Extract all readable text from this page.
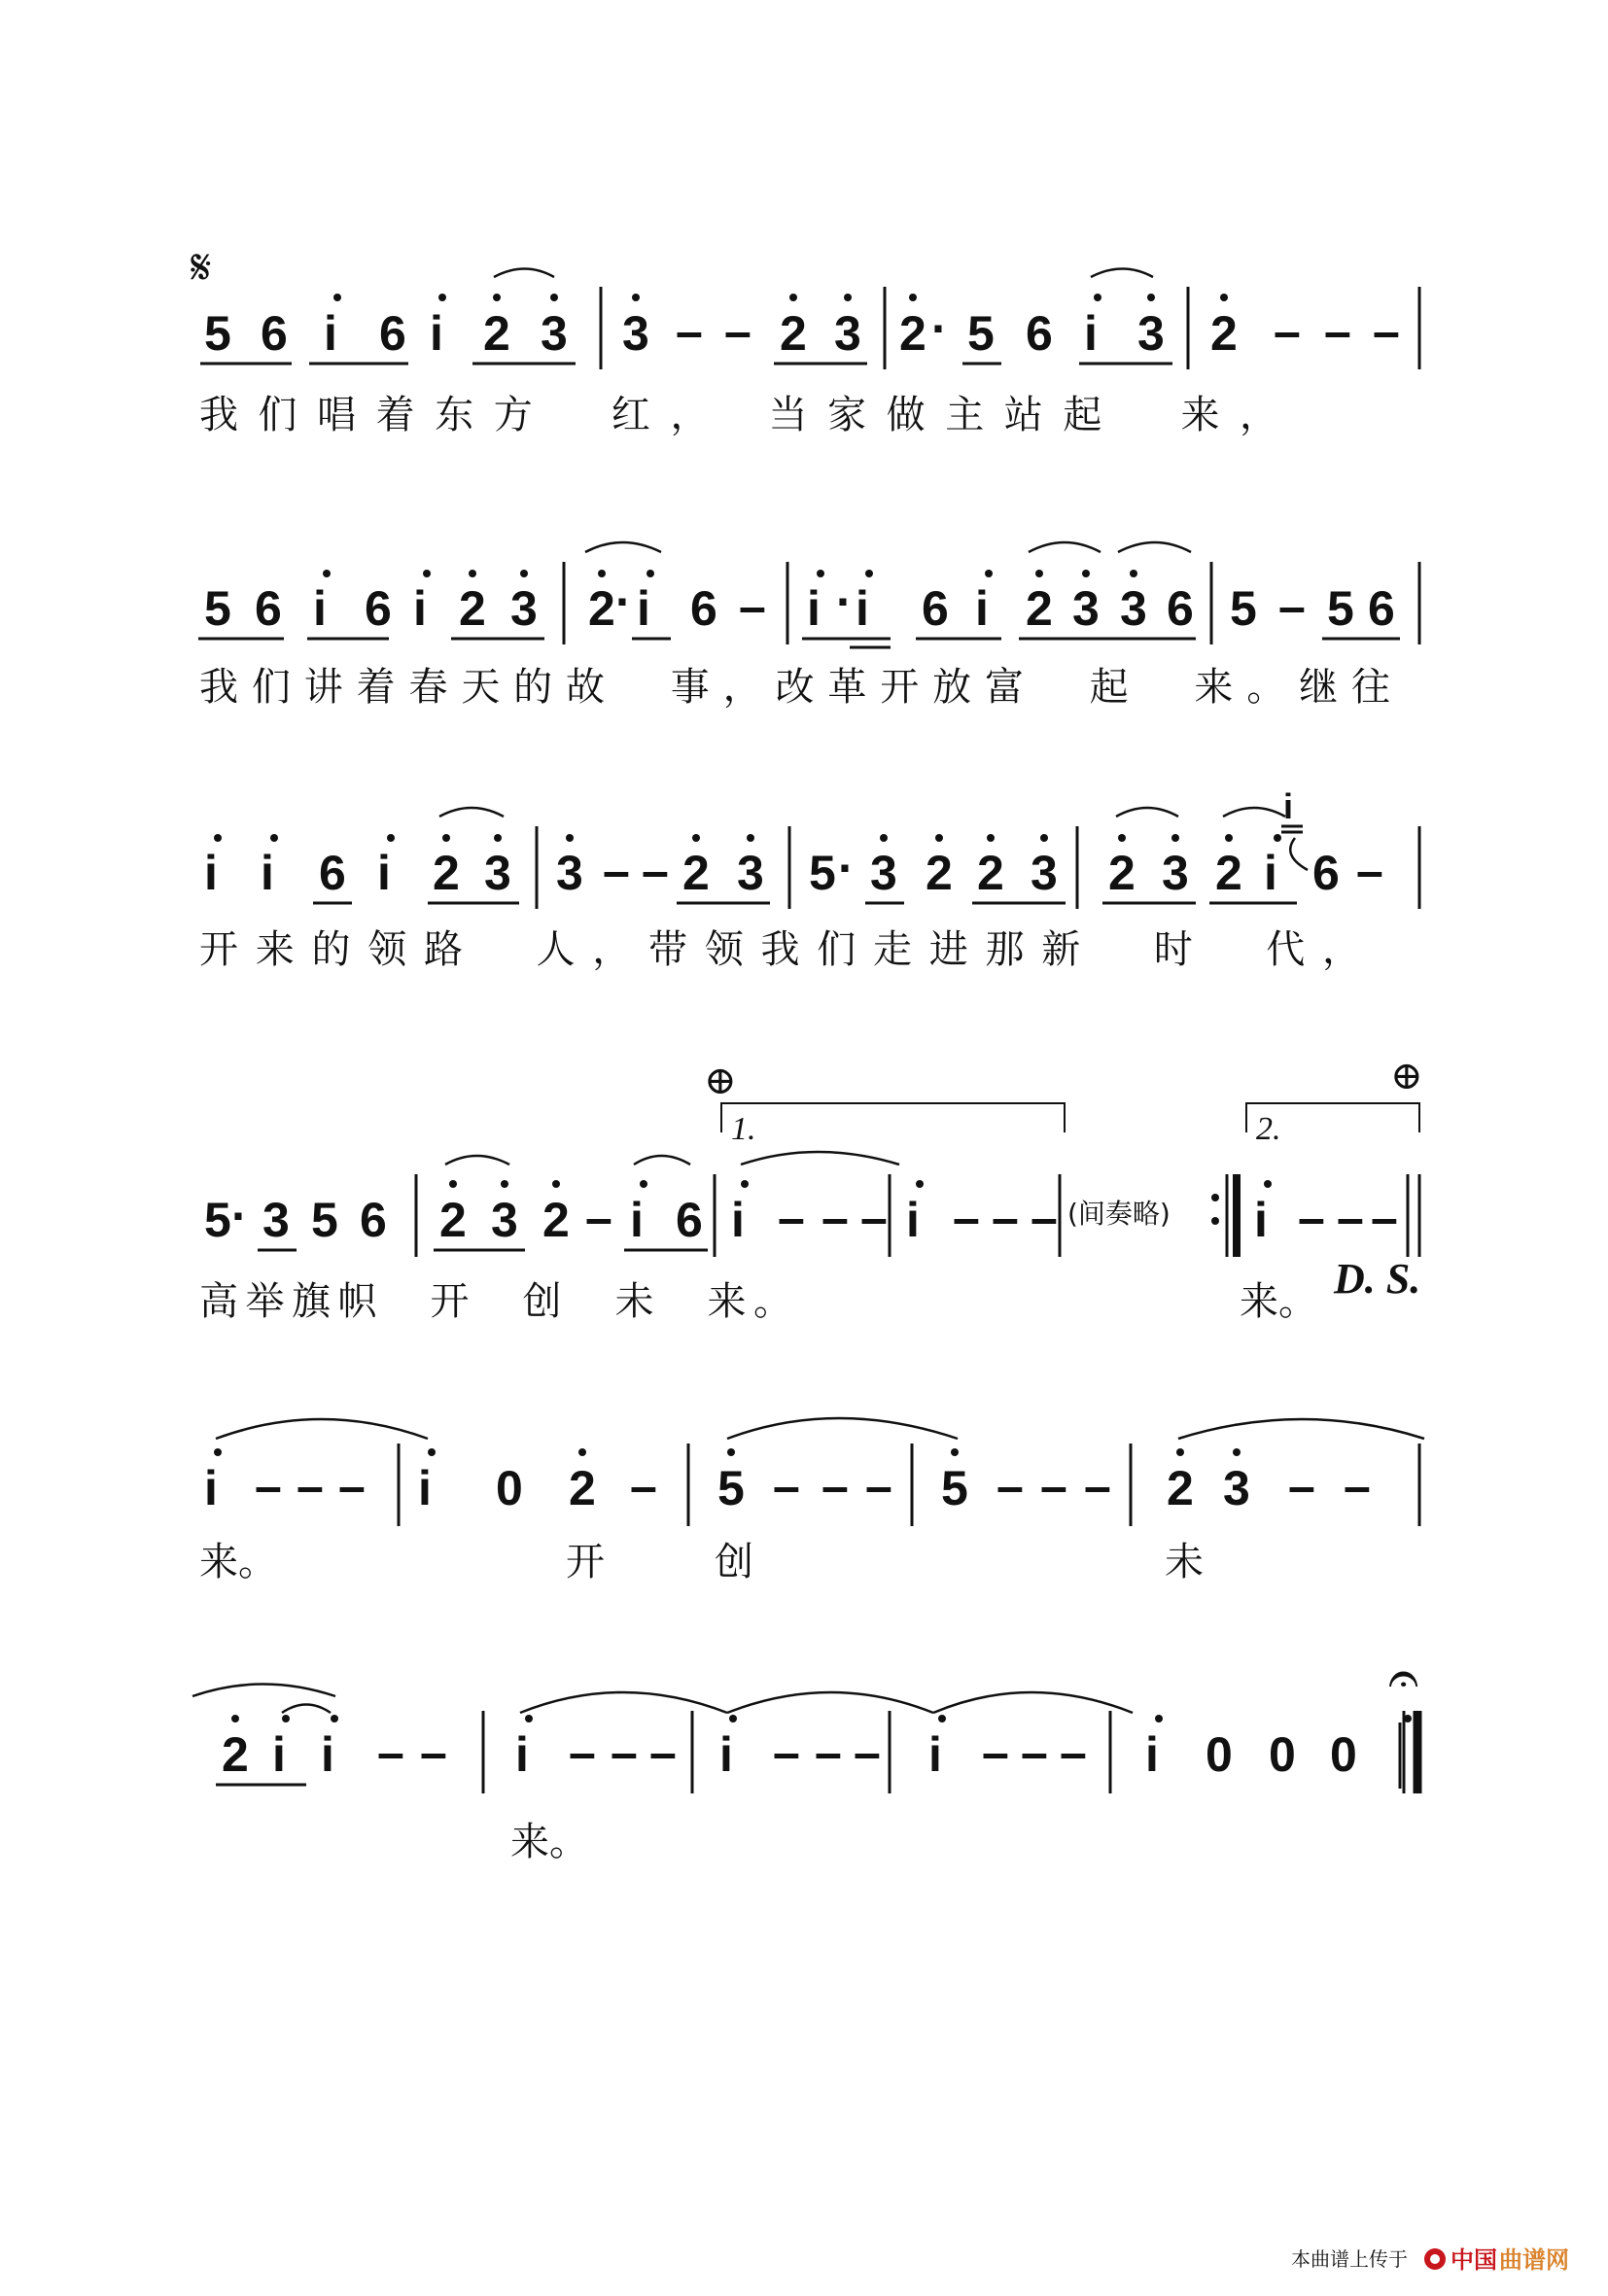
𝄋
5 6 i 6 i 2 3 3 – – 2 3 2 · 5 6 i 3 2 – – –
我们唱着东方　红，　当家做主站起　来，
5 6 i 6 i 2 3 2 · i 6 – i · i 6 i 2 3 3 6 5 – 5 6
我们讲着春天的故　事，改革开放富　起　来。继往
i i 6 i 2 3 3 – – 2 3 5 · 3 2 2 3 2 3 2 i 6 –
i
开来的领路　人，带领我们走进那新　时　代，
⊕	⊕
1.	2.
5 · 3 5 6 2 3 2 – i 6 i – – – i – – – (间奏略) i – – –
高举旗帜　开　创　未　来。	来。 D. S.
i – – – i 0 2 – 5 – – – 5 – – – 2 3 – –
来。	开	创	未
2 i i – – i – – – i – – – i – – – i 0 0 0
𝄐
来。
本曲谱上传于 中国 曲谱网
